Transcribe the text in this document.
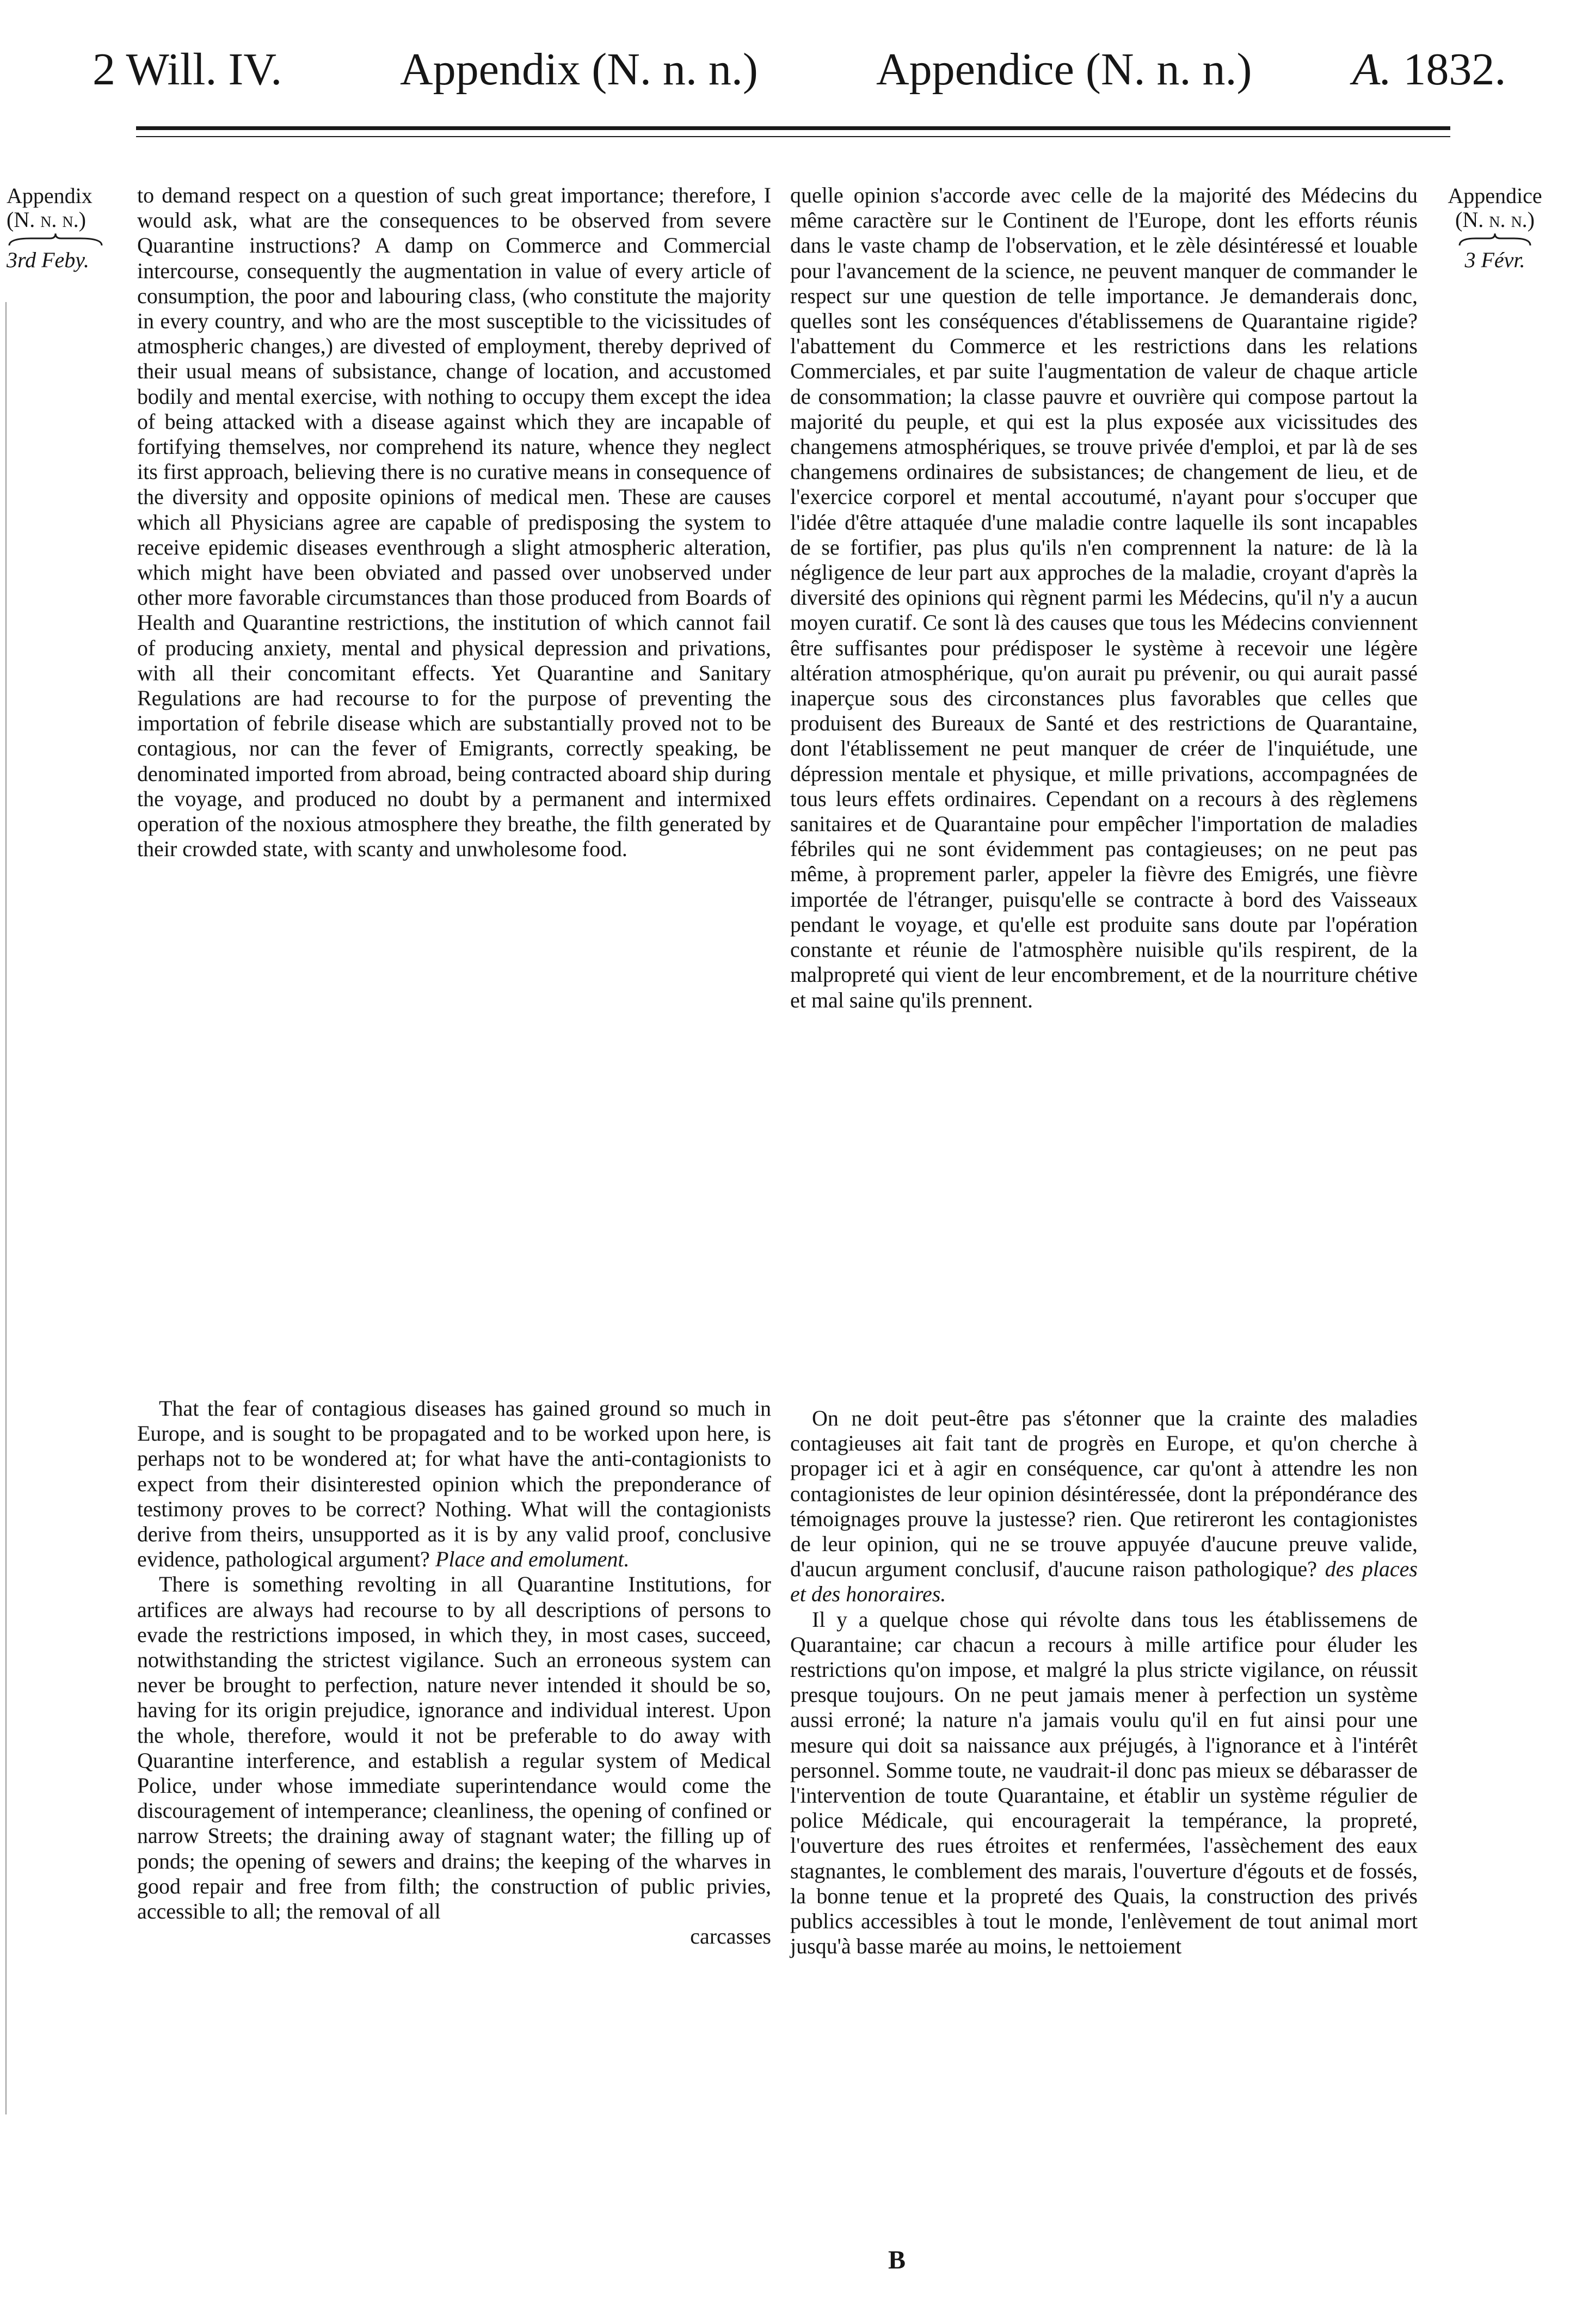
2 Will. IV.	Appendix (N. n. n.)	Appendice (N. n. n.) A. 1832.
Appendix
(N. n. n.)
3rd Feby.
Appendice
(N. n. n.)
3 Févr.

to demand respect on a question of such great importance; therefore, I would ask, what are the consequences to be observed from severe Quarantine instructions? A damp on Commerce and Commercial intercourse, consequently the augmentation in value of every article of consumption, the poor and labouring class, (who constitute the majority in every country, and who are the most susceptible to the vicissitudes of atmospheric changes,) are divested of employment, thereby deprived of their usual means of subsistance, change of location, and accustomed bodily and mental exercise, with nothing to occupy them except the idea of being attacked with a disease against which they are incapable of fortifying themselves, nor comprehend its nature, whence they neglect its first approach, believing there is no curative means in consequence of the diversity and opposite opinions of medical men. These are causes which all Physicians agree are capable of predisposing the system to receive epidemic diseases eventhrough a slight atmospheric alteration, which might have been obviated and passed over unobserved under other more favorable circumstances than those produced from Boards of Health and Quarantine restrictions, the institution of which cannot fail of producing anxiety, mental and physical depression and privations, with all their concomitant effects. Yet Quarantine and Sanitary Regulations are had recourse to for the purpose of preventing the importation of febrile disease which are substantially proved not to be contagious, nor can the fever of Emigrants, correctly speaking, be denominated imported from abroad, being contracted aboard ship during the voyage, and produced no doubt by a permanent and intermixed operation of the noxious atmosphere they breathe, the filth generated by their crowded state, with scanty and unwholesome food.

That the fear of contagious diseases has gained ground so much in Europe, and is sought to be propagated and to be worked upon here, is perhaps not to be wondered at; for what have the anti-contagionists to expect from their disinterested opinion which the preponderance of testimony proves to be correct? Nothing. What will the contagionists derive from theirs, unsupported as it is by any valid proof, conclusive evidence, pathological argument? Place and emolument.

There is something revolting in all Quarantine Institutions, for artifices are always had recourse to by all descriptions of persons to evade the restrictions imposed, in which they, in most cases, succeed, notwithstanding the strictest vigilance. Such an erroneous system can never be brought to perfection, nature never intended it should be so, having for its origin prejudice, ignorance and individual interest. Upon the whole, therefore, would it not be preferable to do away with Quarantine interference, and establish a regular system of Medical Police, under whose immediate superintendance would come the discouragement of intemperance; cleanliness, the opening of confined or narrow Streets; the draining away of stagnant water; the filling up of ponds; the opening of sewers and drains; the keeping of the wharves in good repair and free from filth; the construction of public privies, accessible to all; the removal of all

carcasses

quelle opinion s'accorde avec celle de la majorité des Médecins du même caractère sur le Continent de l'Europe, dont les efforts réunis dans le vaste champ de l'observation, et le zèle désintéressé et louable pour l'avancement de la science, ne peuvent manquer de commander le respect sur une question de telle importance. Je demanderais donc, quelles sont les conséquences d'établissemens de Quarantaine rigide? l'abattement du Commerce et les restrictions dans les relations Commerciales, et par suite l'augmentation de valeur de chaque article de consommation; la classe pauvre et ouvrière qui compose partout la majorité du peuple, et qui est la plus exposée aux vicissitudes des changemens atmosphériques, se trouve privée d'emploi, et par là de ses changemens ordinaires de subsistances; de changement de lieu, et de l'exercice corporel et mental accoutumé, n'ayant pour s'occuper que l'idée d'être attaquée d'une maladie contre laquelle ils sont incapables de se fortifier, pas plus qu'ils n'en comprennent la nature: de là la négligence de leur part aux approches de la maladie, croyant d'après la diversité des opinions qui règnent parmi les Médecins, qu'il n'y a aucun moyen curatif. Ce sont là des causes que tous les Médecins conviennent être suffisantes pour prédisposer le système à recevoir une légère altération atmosphérique, qu'on aurait pu prévenir, ou qui aurait passé inaperçue sous des circonstances plus favorables que celles que produisent des Bureaux de Santé et des restrictions de Quarantaine, dont l'établissement ne peut manquer de créer de l'inquiétude, une dépression mentale et physique, et mille privations, accompagnées de tous leurs effets ordinaires. Cependant on a recours à des règlemens sanitaires et de Quarantaine pour empêcher l'importation de maladies fébriles qui ne sont évidemment pas contagieuses; on ne peut pas même, à proprement parler, appeler la fièvre des Emigrés, une fièvre importée de l'étranger, puisqu'elle se contracte à bord des Vaisseaux pendant le voyage, et qu'elle est produite sans doute par l'opération constante et réunie de l'atmosphère nuisible qu'ils respirent, de la malpropreté qui vient de leur encombrement, et de la nourriture chétive et mal saine qu'ils prennent.

On ne doit peut-être pas s'étonner que la crainte des maladies contagieuses ait fait tant de progrès en Europe, et qu'on cherche à propager ici et à agir en conséquence, car qu'ont à attendre les non contagionistes de leur opinion désintéressée, dont la prépondérance des témoignages prouve la justesse? rien. Que retireront les contagionistes de leur opinion, qui ne se trouve appuyée d'aucune preuve valide, d'aucun argument conclusif, d'aucune raison pathologique? des places et des honoraires.

Il y a quelque chose qui révolte dans tous les établissemens de Quarantaine; car chacun a recours à mille artifice pour éluder les restrictions qu'on impose, et malgré la plus stricte vigilance, on réussit presque toujours. On ne peut jamais mener à perfection un système aussi erroné; la nature n'a jamais voulu qu'il en fut ainsi pour une mesure qui doit sa naissance aux préjugés, à l'ignorance et à l'intérêt personnel. Somme toute, ne vaudrait-il donc pas mieux se débarasser de l'intervention de toute Quarantaine, et établir un système régulier de police Médicale, qui encouragerait la tempérance, la propreté, l'ouverture des rues étroites et renfermées, l'assèchement des eaux stagnantes, le comblement des marais, l'ouverture d'égouts et de fossés, la bonne tenue et la propreté des Quais, la construction des privés publics accessibles à tout le monde, l'enlèvement de tout animal mort jusqu'à basse marée au moins, le nettoiement

B
